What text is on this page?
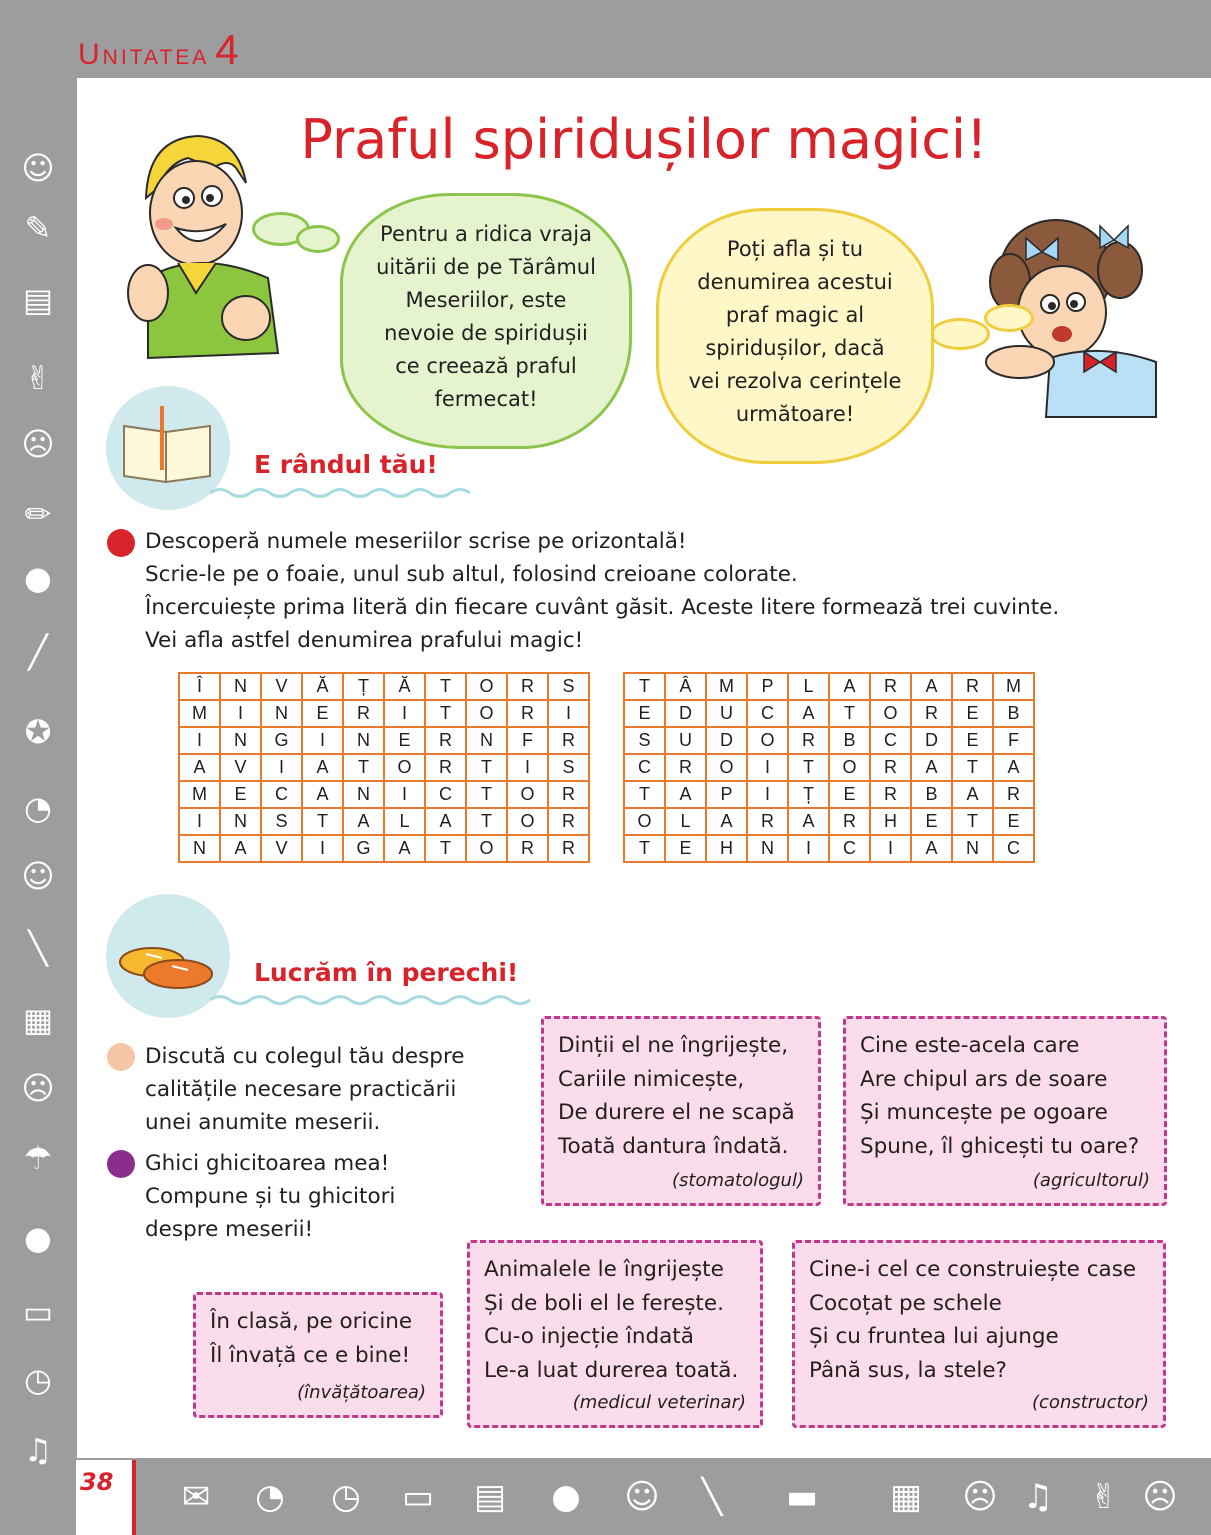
Unitatea 4
38
☺
✎
▤
✌
☹
✏
●
╱
✪
◔
☺
╲
▦
☹
☂
●
▭
◷
♫
✉ ◔ ◷ ▭ ▤ ● ☺	╲	▬ ▦	♫
☹	✌ ☹
Praful spiridușilor magici!
Pentru a ridica vraja
uitării de pe Tărâmul
Meseriilor, este
nevoie de spiridușii
ce creează praful
fermecat!
Poți afla și tu
denumirea acestui
praf magic al
spiridușilor, dacă
vei rezolva cerințele
următoare!
E rândul tău!
Descoperă numele meseriilor scrise pe orizontală!
Scrie-le pe o foaie, unul sub altul, folosind creioane colorate.
Încercuiește prima literă din fiecare cuvânt găsit. Aceste litere formează trei cuvinte.
Vei afla astfel denumirea prafului magic!
Î	N	V	Ă	Ț	Ă	T	O	R	S
M	I	N	E	R	I	T	O	R	I
I	N	G	I	N	E	R	N	F	R
A	V	I	A	T	O	R	T	I	S
M	E	C	A	N	I	C	T	O	R
I	N	S	T	A	L	A	T	O	R
N	A	V	I	G	A	T	O	R	R
T	Â	M	P	L	A	R	A	R	M
E	D	U	C	A	T	O	R	E	B
S	U	D	O	R	B	C	D	E	F
C	R	O	I	T	O	R	A	T	A
T	A	P	I	Ț	E	R	B	A	R
O	L	A	R	A	R	H	E	T	E
T	E	H	N	I	C	I	A	N	C
Lucrăm în perechi!
Discută cu colegul tău despre
calitățile necesare practicării
unei anumite meserii.
Ghici ghicitoarea mea!
Compune și tu ghicitori
despre meserii!
Dinții el ne îngrijește,
Cariile nimicește,
De durere el ne scapă
Toată dantura îndată.
(stomatologul)
Cine este-acela care
Are chipul ars de soare
Și muncește pe ogoare
Spune, îl ghicești tu oare?
(agricultorul)
În clasă, pe oricine
Îl învață ce e bine!
(învățătoarea)
Animalele le îngrijește
Și de boli el le ferește.
Cu-o injecție îndată
Le-a luat durerea toată.
(medicul veterinar)
Cine-i cel ce construiește case
Cocoțat pe schele
Și cu fruntea lui ajunge
Până sus, la stele?
(constructor)
